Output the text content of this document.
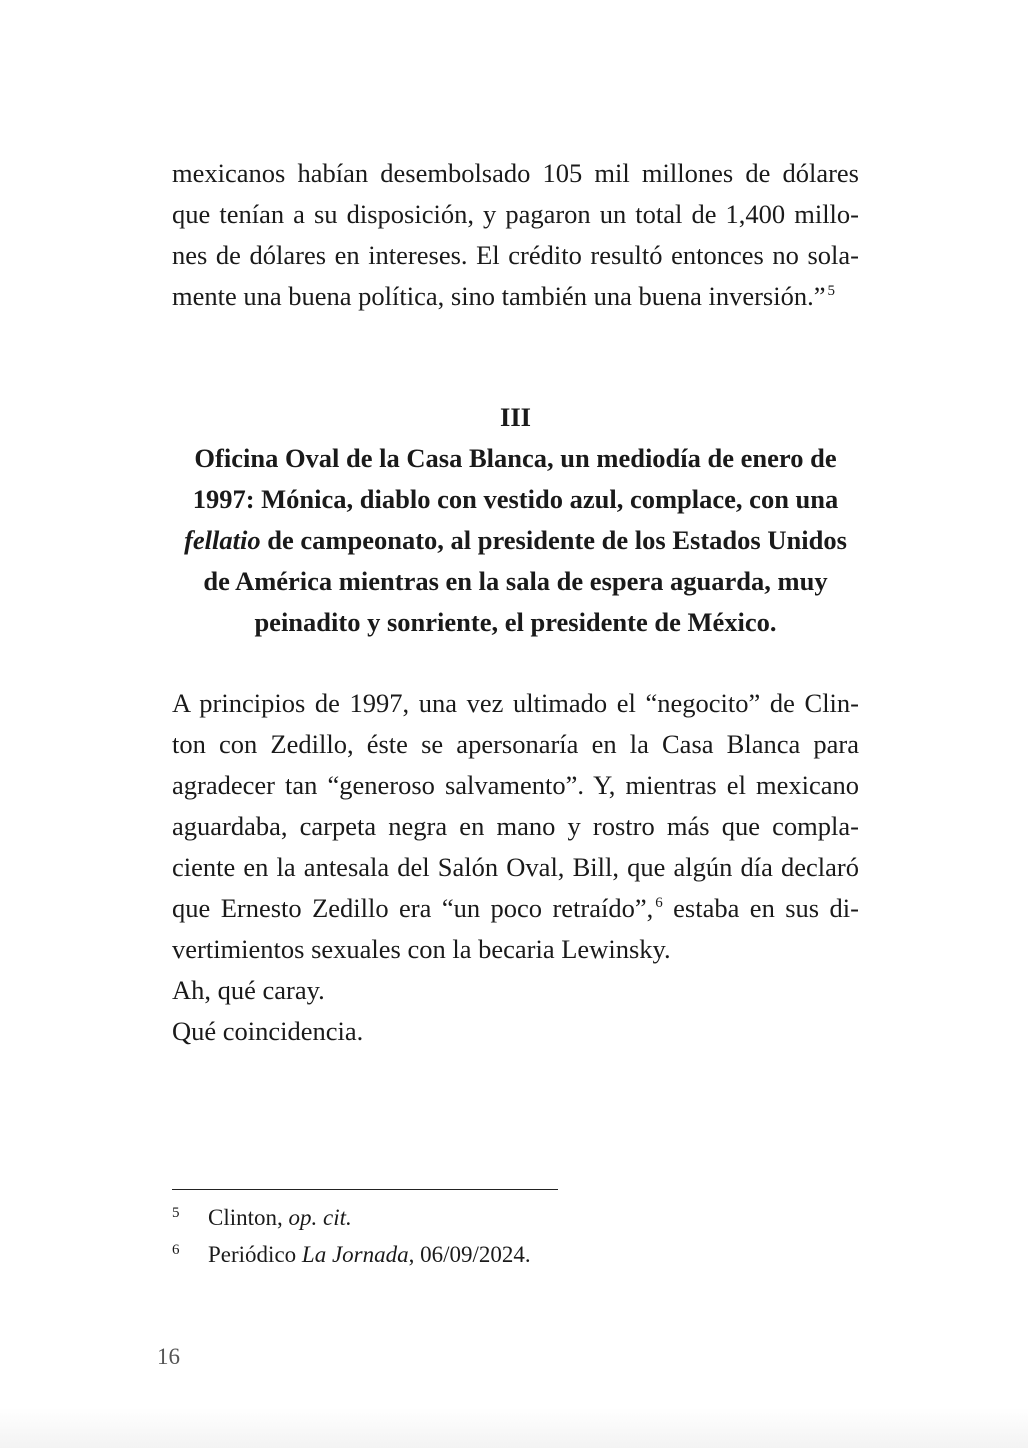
mexicanos habían desembolsado 105 mil millones de dólares
que tenían a su disposición, y pagaron un total de 1,400 millo-
nes de dólares en intereses. El crédito resultó entonces no sola-
mente una buena política, sino también una buena inversión.” $^5$

III
Oficina Oval de la Casa Blanca, un mediodía de enero de
1997: Mónica, diablo con vestido azul, complace, con una
fellatio de campeonato, al presidente de los Estados Unidos
de América mientras en la sala de espera aguarda, muy
peinadito y sonriente, el presidente de México.

A principios de 1997, una vez ultimado el “negocito” de Clin-
ton con Zedillo, éste se apersonaría en la Casa Blanca para
agradecer tan “generoso salvamento”. Y, mientras el mexicano
aguardaba, carpeta negra en mano y rostro más que compla-
ciente en la antesala del Salón Oval, Bill, que algún día declaró
que Ernesto Zedillo era “un poco retraído”, $^6$ estaba en sus di-
vertimientos sexuales con la becaria Lewinsky.

Ah, qué caray.

Qué coincidencia.

5	Clinton, op. cit.
6	Periódico La Jornada, 06/09/2024.
16
